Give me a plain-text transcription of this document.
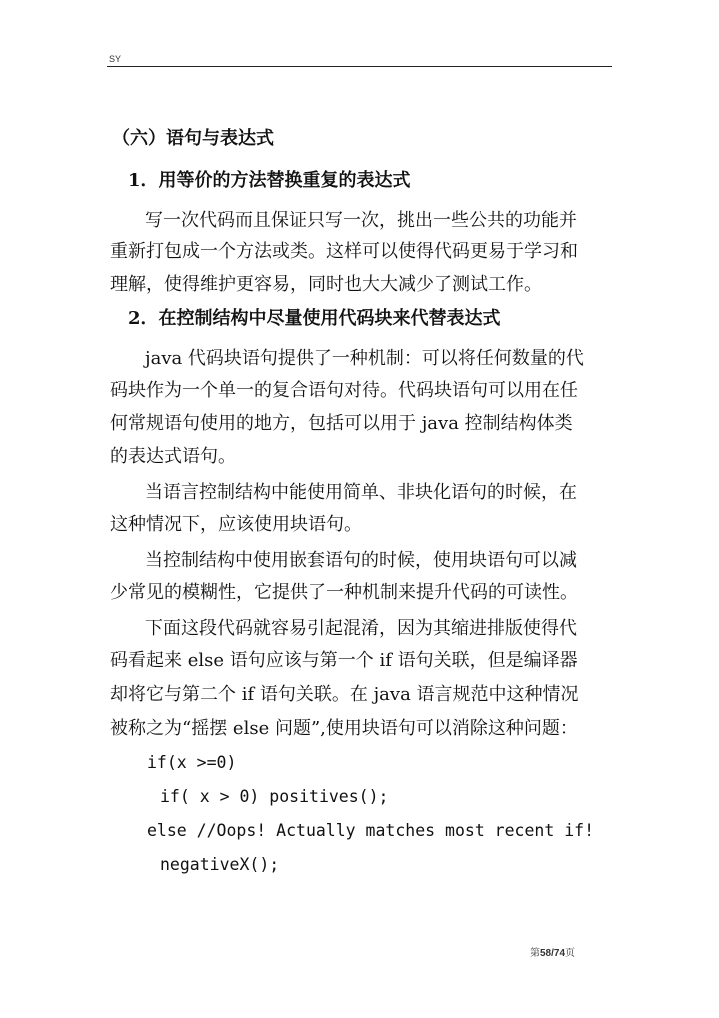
SY
（六）语句与表达式
1．用等价的方法替换重复的表达式
写一次代码而且保证只写一次，挑出一些公共的功能并
重新打包成一个方法或类。这样可以使得代码更易于学习和
理解，使得维护更容易，同时也大大减少了测试工作。
2．在控制结构中尽量使用代码块来代替表达式
java 代码块语句提供了一种机制：可以将任何数量的代
码块作为一个单一的复合语句对待。代码块语句可以用在任
何常规语句使用的地方，包括可以用于 java 控制结构体类
的表达式语句。
当语言控制结构中能使用简单、非块化语句的时候，在
这种情况下，应该使用块语句。
当控制结构中使用嵌套语句的时候，使用块语句可以减
少常见的模糊性，它提供了一种机制来提升代码的可读性。
下面这段代码就容易引起混淆，因为其缩进排版使得代
码看起来 else 语句应该与第一个 if 语句关联，但是编译器
却将它与第二个 if 语句关联。在 java 语言规范中这种情况
被称之为“摇摆 else 问题”,使用块语句可以消除这种问题：
if(x >=0)
if( x > 0) positives();
else //Oops! Actually matches most recent if!
negativeX();
第58/74页
